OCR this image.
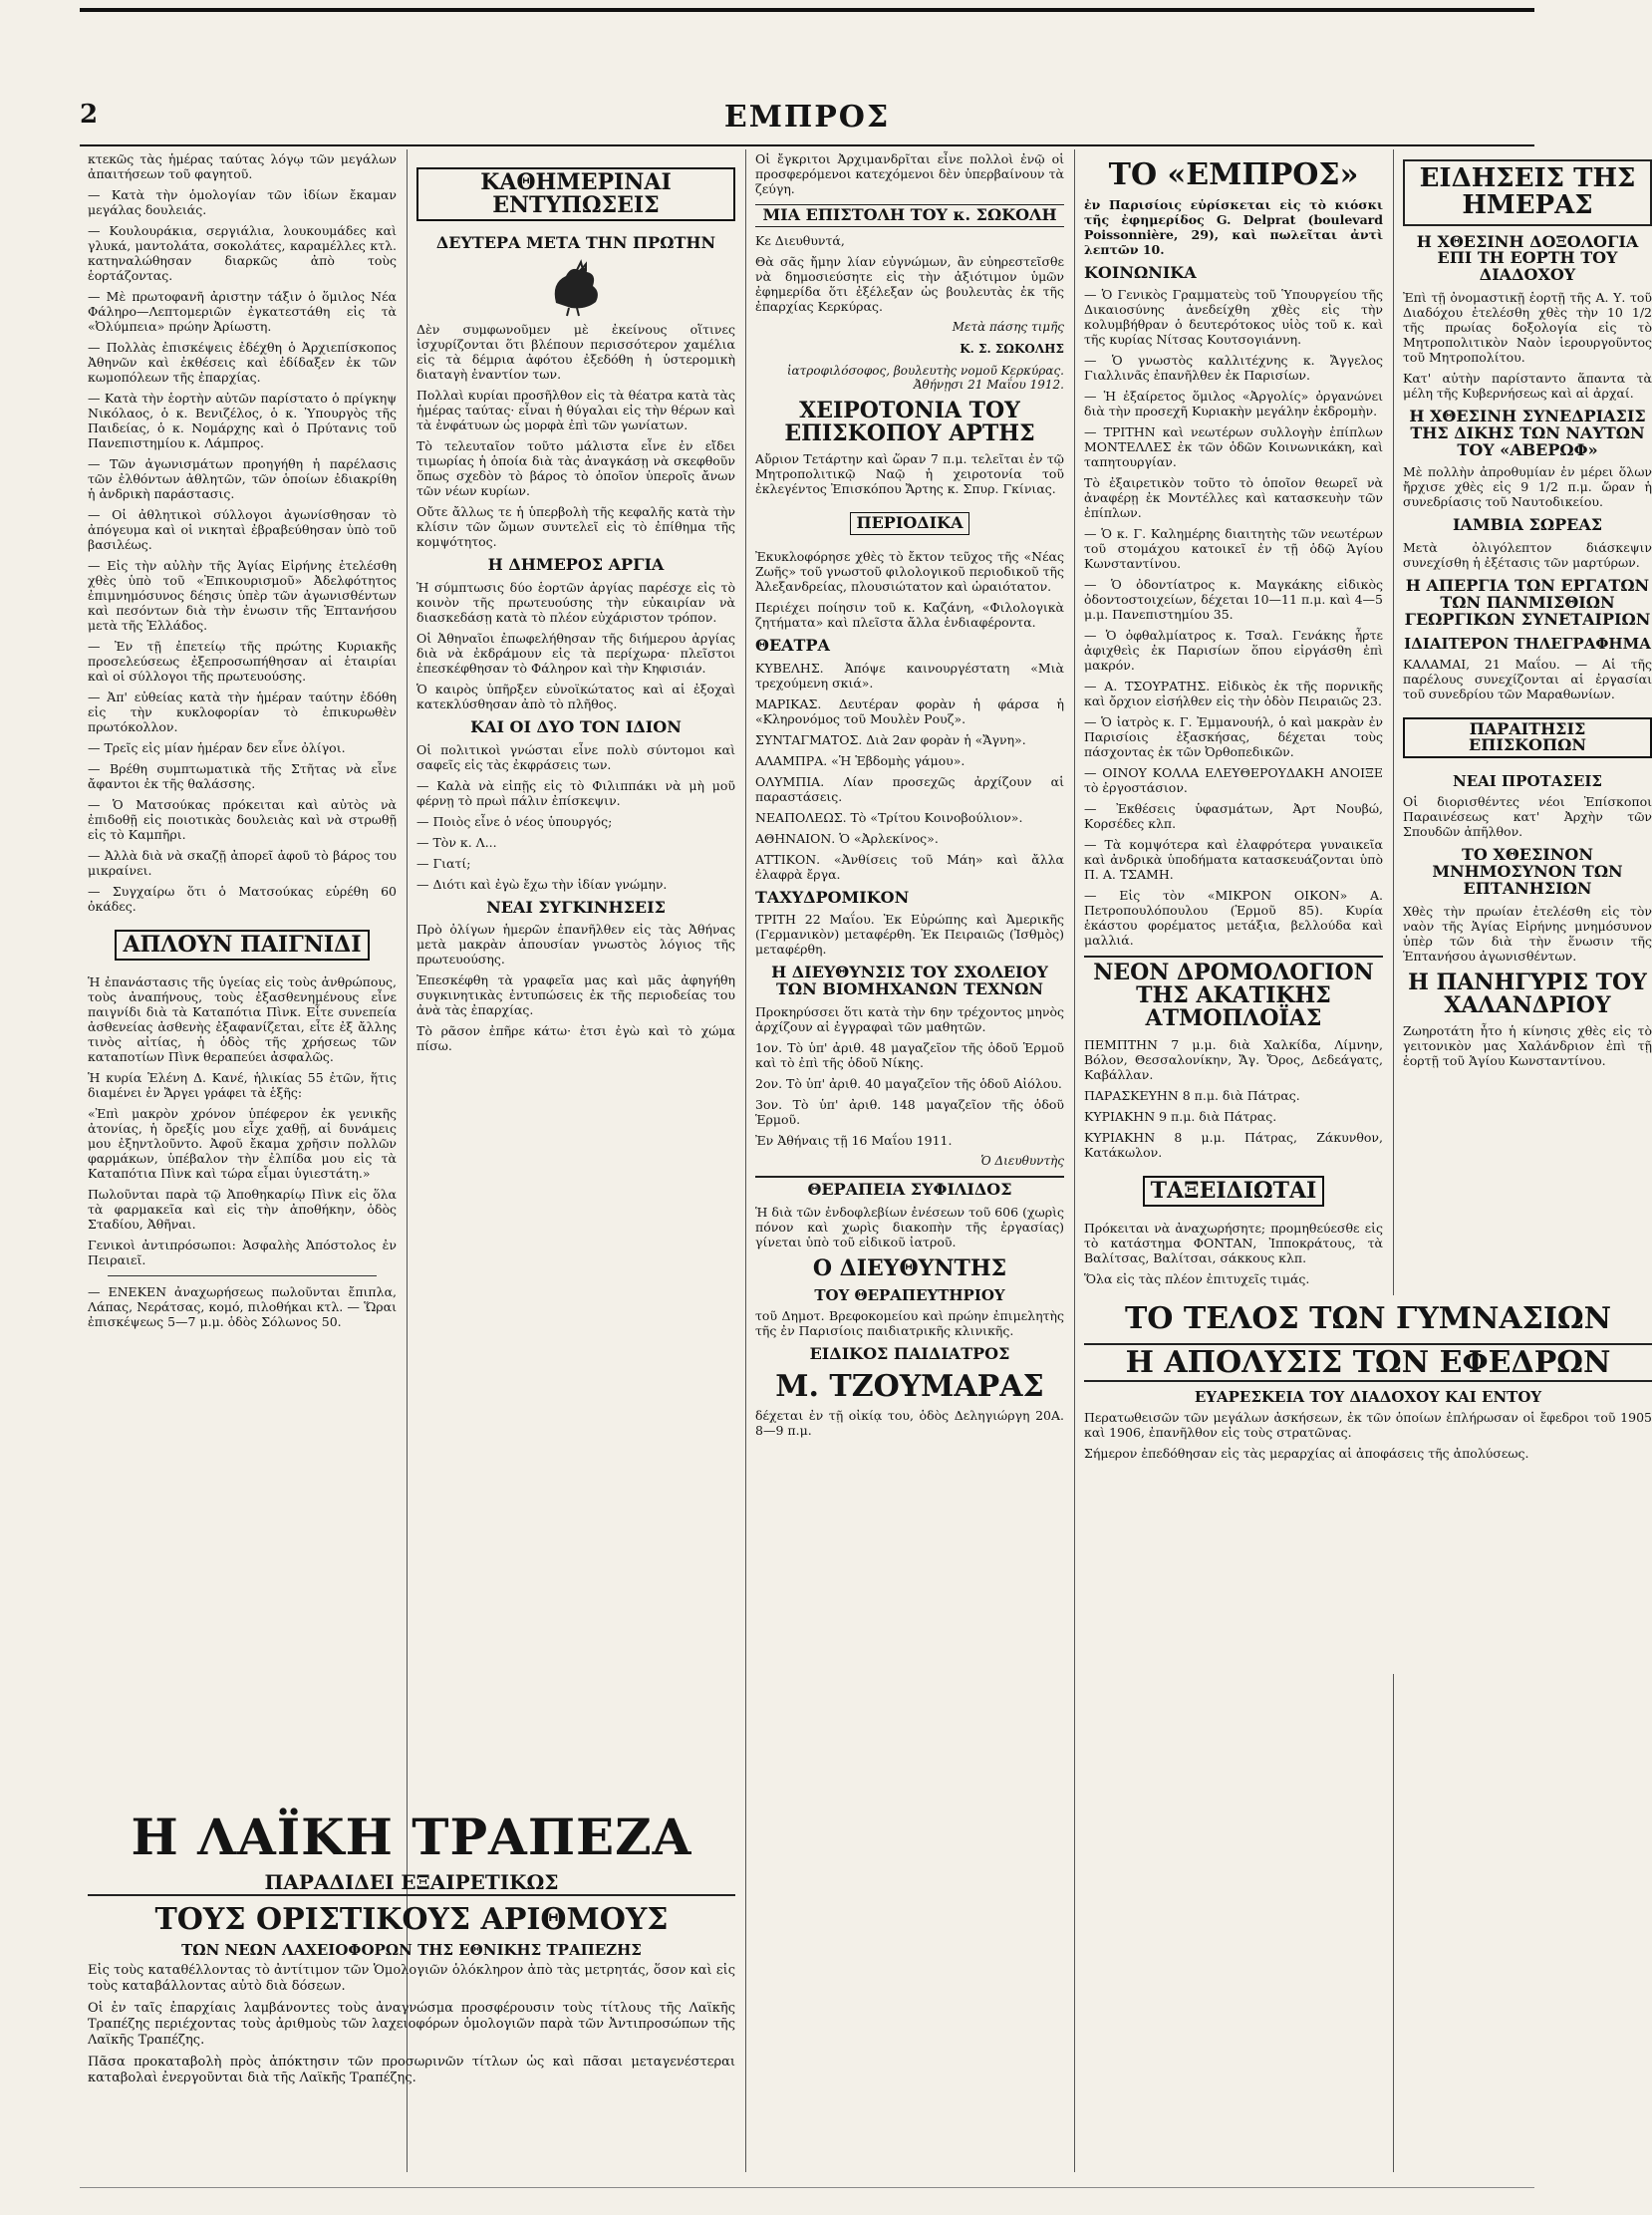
2	ΕΜΠΡΟΣ

κτεκῶς τὰς ἡμέρας ταύτας λόγῳ τῶν μεγάλων ἀπαιτήσεων τοῦ φαγητοῦ.

— Κατὰ τὴν ὁμολογίαν τῶν ἰδίων ἔκαμαν μεγάλας δουλειάς.

— Κουλουράκια, σεργιάλια, λουκουμάδες καὶ γλυκά, μαντολάτα, σοκολάτες, καραμέλλες κτλ. κατηναλώθησαν διαρκῶς ἀπὸ τοὺς ἑορτάζοντας.

— Μὲ πρωτοφανῆ ἀριστην τάξιν ὁ ὅμιλος Νέα Φάληρο—Λεπτομεριῶν ἐγκατεστάθη εἰς τὰ «Ὀλύμπεια» πρώην Ἀρίωστη.

— Πολλὰς ἐπισκέψεις ἐδέχθη ὁ Ἀρχιεπίσκοπος Ἀθηνῶν καὶ ἐκθέσεις καὶ ἐδίδαξεν ἐκ τῶν κωμοπόλεων τῆς ἐπαρχίας.

— Κατὰ τὴν ἑορτὴν αὐτῶν παρίστατο ὁ πρίγκηψ Νικόλαος, ὁ κ. Βενιζέλος, ὁ κ. Ὑπουργὸς τῆς Παιδείας, ὁ κ. Νομάρχης καὶ ὁ Πρύτανις τοῦ Πανεπιστημίου κ. Λάμπρος.

— Τῶν ἀγωνισμάτων προηγήθη ἡ παρέλασις τῶν ἐλθόντων ἀθλητῶν, τῶν ὁποίων ἐδιακρίθη ἡ ἀνδρικὴ παράστασις.

— Οἱ ἀθλητικοὶ σύλλογοι ἀγωνίσθησαν τὸ ἀπόγευμα καὶ οἱ νικηταὶ ἐβραβεύθησαν ὑπὸ τοῦ βασιλέως.

— Εἰς τὴν αὐλὴν τῆς Ἁγίας Εἰρήνης ἐτελέσθη χθὲς ὑπὸ τοῦ «Ἐπικουρισμοῦ» Ἀδελφότητος ἐπιμνημόσυνος δέησις ὑπὲρ τῶν ἀγωνισθέντων καὶ πεσόντων διὰ τὴν ἐνωσιν τῆς Ἑπτανήσου μετὰ τῆς Ἑλλάδος.

— Ἐν τῇ ἐπετείῳ τῆς πρώτης Κυριακῆς προσελεύσεως ἐξεπροσωπήθησαν αἱ ἑταιρίαι καὶ οἱ σύλλογοι τῆς πρωτευούσης.

— Ἀπ' εὐθείας κατὰ τὴν ἡμέραν ταύτην ἐδόθη εἰς τὴν κυκλοφορίαν τὸ ἐπικυρωθὲν πρωτόκολλον.

— Τρεῖς εἰς μίαν ἡμέραν δεν εἶνε ὀλίγοι.

— Βρέθη συμπτωματικὰ τῆς Στῆτας νὰ εἶνε ἄφαντοι ἐκ τῆς θαλάσσης.

— Ὁ Ματσούκας πρόκειται καὶ αὐτὸς νὰ ἐπιδοθῇ εἰς ποιοτικὰς δουλειὰς καὶ νὰ στρωθῇ εἰς τὸ Καμπῆρι.

— Ἀλλὰ διὰ νὰ σκαζῇ ἀπορεῖ ἀφοῦ τὸ βάρος του μικραίνει.

— Συγχαίρω ὅτι ὁ Ματσούκας εὑρέθη 60 ὀκάδες.

ΑΠΛΟΥΝ ΠΑΙΓΝΙΔΙ

Ἡ ἐπανάστασις τῆς ὑγείας εἰς τοὺς ἀνθρώπους, τοὺς ἀναπήνους, τοὺς ἐξασθενημένους εἶνε παιγνίδι διὰ τὰ Καταπότια Πὶνκ. Εἶτε συνεπεία ἀσθενείας ἀσθενὴς ἐξαφανίζεται, εἶτε ἐξ ἄλλης τινὸς αἰτίας, ἡ ὁδὸς τῆς χρήσεως τῶν καταποτίων Πὶνκ θεραπεύει ἀσφαλῶς.

Ἡ κυρία Ἑλένη Δ. Κανέ, ἡλικίας 55 ἐτῶν, ἥτις διαμένει ἐν Ἄργει γράφει τὰ ἑξῆς:

«Ἐπὶ μακρὸν χρόνον ὑπέφερον ἐκ γενικῆς ἀτονίας, ἡ ὄρεξίς μου εἶχε χαθῇ, αἱ δυνάμεις μου ἐξηντλοῦντο. Ἀφοῦ ἔκαμα χρῆσιν πολλῶν φαρμάκων, ὑπέβαλον τὴν ἐλπίδα μου εἰς τὰ Καταπότια Πὶνκ καὶ τώρα εἶμαι ὑγιεστάτη.»

Πωλοῦνται παρὰ τῷ Ἀποθηκαρίῳ Πὶνκ εἰς ὅλα τὰ φαρμακεῖα καὶ εἰς τὴν ἀποθήκην, ὁδὸς Σταδίου, Ἀθῆναι.

Γενικοὶ ἀντιπρόσωποι: Ἀσφαλὴς Ἀπόστολος ἐν Πειραιεῖ.

— ΕΝΕΚΕΝ ἀναχωρήσεως πωλοῦνται ἔπιπλα, Λάπας, Νεράτσας, κομό, πιλοθήκαι κτλ. — Ὥραι ἐπισκέψεως 5—7 μ.μ. ὁδὸς Σόλωνος 50.

ΚΑΘΗΜΕΡΙΝΑΙ ΕΝΤΥΠΩΣΕΙΣ
ΔΕΥΤΕΡΑ ΜΕΤΑ ΤΗΝ ΠΡΩΤΗΝ

Δὲν συμφωνοῦμεν μὲ ἐκείνους οἵτινες ἰσχυρίζονται ὅτι βλέπουν περισσότερον χαμέλια εἰς τὰ δέμρια ἀφότου ἐξεδόθη ἡ ὑστερομικὴ διαταγὴ ἐναντίον των.

Πολλαὶ κυρίαι προσῆλθον εἰς τὰ θέατρα κατὰ τὰς ἡμέρας ταύτας· εἶναι ἡ θύγαλαι εἰς τὴν θέρων καὶ τὰ ἐνφάτυων ὡς μορφὰ ἐπὶ τῶν γωνίατων.

Τὸ τελευταῖον τοῦτο μάλιστα εἶνε ἐν εἴδει τιμωρίας ἡ ὁποία διὰ τὰς ἀναγκάσῃ νὰ σκεφθοῦν ὅπως σχεδὸν τὸ βάρος τὸ ὁποῖον ὑπεροῖς ἄνων τῶν νέων κυρίων.

Οὔτε ἄλλως τε ἡ ὑπερβολὴ τῆς κεφαλῆς κατὰ τὴν κλίσιν τῶν ὤμων συντελεῖ εἰς τὸ ἐπίθημα τῆς κομψότητος.

Η ΔΗΜΕΡΟΣ ΑΡΓΙΑ

Ἡ σύμπτωσις δύο ἑορτῶν ἀργίας παρέσχε εἰς τὸ κοινὸν τῆς πρωτευούσης τὴν εὐκαιρίαν νὰ διασκεδάσῃ κατὰ τὸ πλέον εὐχάριστον τρόπον.

Οἱ Ἀθηναῖοι ἐπωφελήθησαν τῆς διήμερου ἀργίας διὰ νὰ ἐκδράμουν εἰς τὰ περίχωρα· πλεῖστοι ἐπεσκέφθησαν τὸ Φάληρον καὶ τὴν Κηφισιάν.

Ὁ καιρὸς ὑπῆρξεν εὐνοϊκώτατος καὶ αἱ ἐξοχαὶ κατεκλύσθησαν ἀπὸ τὸ πλῆθος.

ΚΑΙ ΟΙ ΔΥΟ ΤΟΝ ΙΔΙΟΝ

Οἱ πολιτικοὶ γνώσται εἶνε πολὺ σύντομοι καὶ σαφεῖς εἰς τὰς ἐκφράσεις των.

— Καλὰ νὰ εἰπῇς εἰς τὸ Φιλιππάκι νὰ μὴ μοῦ φέρνῃ τὸ πρωὶ πάλιν ἐπίσκεψιν.

— Ποιὸς εἶνε ὁ νέος ὑπουργός;

— Τὸν κ. Λ...

— Γιατί;

— Διότι καὶ ἐγὼ ἔχω τὴν ἰδίαν γνώμην.

ΝΕΑΙ ΣΥΓΚΙΝΗΣΕΙΣ

Πρὸ ὀλίγων ἡμερῶν ἐπανῆλθεν εἰς τὰς Ἀθήνας μετὰ μακρὰν ἀπουσίαν γνωστὸς λόγιος τῆς πρωτευούσης.

Ἐπεσκέφθη τὰ γραφεῖα μας καὶ μᾶς ἀφηγήθη συγκινητικὰς ἐντυπώσεις ἐκ τῆς περιοδείας του ἀνὰ τὰς ἐπαρχίας.

Τὸ ρᾶσον ἐπῆρε κάτω· ἐτσι ἐγὼ καὶ τὸ χώμα πίσω.

Οἱ ἔγκριτοι Ἀρχιμανδρῖται εἶνε πολλοὶ ἐνῷ οἱ προσφερόμενοι κατεχόμενοι δὲν ὑπερβαίνουν τὰ ζεύγη.

ΜΙΑ ΕΠΙΣΤΟΛΗ ΤΟΥ κ. ΣΩΚΟΛΗ

Κε Διευθυντά,

Θὰ σᾶς ἤμην λίαν εὐγνώμων, ἂν εὐηρεστεῖσθε νὰ δημοσιεύσητε εἰς τὴν ἀξιότιμον ὑμῶν ἐφημερίδα ὅτι ἐξέλεξαν ὡς βουλευτὰς ἐκ τῆς ἐπαρχίας Κερκύρας.

Μετὰ πάσης τιμῆς
Κ. Σ. ΣΩΚΟΛΗΣ
ἰατροφιλόσοφος, βουλευτὴς νομοῦ Κερκύρας. Ἀθήνῃσι 21 Μαΐου 1912.
ΧΕΙΡΟΤΟΝΙΑ ΤΟΥ ΕΠΙΣΚΟΠΟΥ ΑΡΤΗΣ

Αὔριον Τετάρτην καὶ ὥραν 7 π.μ. τελεῖται ἐν τῷ Μητροπολιτικῷ Ναῷ ἡ χειροτονία τοῦ ἐκλεγέντος Ἐπισκόπου Ἄρτης κ. Σπυρ. Γκίνιας.

ΠΕΡΙΟΔΙΚΑ

Ἐκυκλοφόρησε χθὲς τὸ ἔκτον τεῦχος τῆς «Νέας Ζωῆς» τοῦ γνωστοῦ φιλολογικοῦ περιοδικοῦ τῆς Ἀλεξανδρείας, πλουσιώτατον καὶ ὡραιότατον.

Περιέχει ποίησιν τοῦ κ. Καζάνη, «Φιλολογικὰ ζητήματα» καὶ πλεῖστα ἄλλα ἐνδιαφέροντα.

ΘΕΑΤΡΑ

ΚΥΒΕΛΗΣ. Ἀπόψε καινουργέστατη «Μιὰ τρεχούμενη σκιά».

ΜΑΡΙΚΑΣ. Δευτέραν φορὰν ἡ φάρσα ἡ «Κληρονόμος τοῦ Μουλὲν Ρουζ».

ΣΥΝΤΑΓΜΑΤΟΣ. Διὰ 2αν φορὰν ἡ «Ἄγνη».

ΑΛΑΜΠΡΑ. «Ἡ Ἑβδομὴς γάμου».

ΟΛΥΜΠΙΑ. Λίαν προσεχῶς ἀρχίζουν αἱ παραστάσεις.

ΝΕΑΠΟΛΕΩΣ. Τὸ «Τρίτου Κοινοβούλιον».

ΑΘΗΝΑΙΟΝ. Ὁ «Ἀρλεκίνος».

ΑΤΤΙΚΟΝ. «Ἀνθίσεις τοῦ Μάη» καὶ ἄλλα ἐλαφρὰ ἔργα.

ΤΑΧΥΔΡΟΜΙΚΟΝ

ΤΡΙΤΗ 22 Μαΐου. Ἐκ Εὐρώπης καὶ Ἀμερικῆς (Γερμανικὸν) μεταφέρθη. Ἐκ Πειραιῶς (Ἰσθμὸς) μεταφέρθη.

Η ΔΙΕΥΘΥΝΣΙΣ ΤΟΥ ΣΧΟΛΕΙΟΥ ΤΩΝ ΒΙΟΜΗΧΑΝΩΝ ΤΕΧΝΩΝ

Προκηρύσσει ὅτι κατὰ τὴν 6ην τρέχοντος μηνὸς ἀρχίζουν αἱ ἐγγραφαὶ τῶν μαθητῶν.

1ον. Τὸ ὑπ' ἀριθ. 48 μαγαζεῖον τῆς ὁδοῦ Ἑρμοῦ καὶ τὸ ἐπὶ τῆς ὁδοῦ Νίκης.

2ον. Τὸ ὑπ' ἀριθ. 40 μαγαζεῖον τῆς ὁδοῦ Αἰόλου.

3ον. Τὸ ὑπ' ἀριθ. 148 μαγαζεῖον τῆς ὁδοῦ Ἑρμοῦ.

Ἐν Ἀθήναις τῇ 16 Μαΐου 1911.

Ὁ Διευθυντὴς
ΘΕΡΑΠΕΙΑ ΣΥΦΙΛΙΔΟΣ

Ἡ διὰ τῶν ἐνδοφλεβίων ἐνέσεων τοῦ 606 (χωρὶς πόνον καὶ χωρὶς διακοπὴν τῆς ἐργασίας) γίνεται ὑπὸ τοῦ εἰδικοῦ ἰατροῦ.

Ο ΔΙΕΥΘΥΝΤΗΣ
ΤΟΥ ΘΕΡΑΠΕΥΤΗΡΙΟΥ

τοῦ Δημοτ. Βρεφοκομείου καὶ πρώην ἐπιμελητὴς τῆς ἐν Παρισίοις παιδιατρικῆς κλινικῆς.

ΕΙΔΙΚΟΣ ΠΑΙΔΙΑΤΡΟΣ
Μ. ΤΖΟΥΜΑΡΑΣ

δέχεται ἐν τῇ οἰκίᾳ του, ὁδὸς Δεληγιώργη 20Α. 8—9 π.μ.

ΤΟ «ΕΜΠΡΟΣ»

ἐν Παρισίοις εὑρίσκεται εἰς τὸ κιόσκι τῆς ἐφημερίδος G. Delprat (boulevard Poissonnière, 29), καὶ πωλεῖται ἀντὶ λεπτῶν 10.

ΚΟΙΝΩΝΙΚΑ

— Ὁ Γενικὸς Γραμματεὺς τοῦ Ὑπουργείου τῆς Δικαιοσύνης ἀνεδείχθη χθὲς εἰς τὴν κολυμβήθραν ὁ δευτερότοκος υἱὸς τοῦ κ. καὶ τῆς κυρίας Νίτσας Κουτσογιάννη.

— Ὁ γνωστὸς καλλιτέχνης κ. Ἄγγελος Γιαλλινᾶς ἐπανῆλθεν ἐκ Παρισίων.

— Ἡ ἐξαίρετος ὅμιλος «Ἀργολίς» ὀργανώνει διὰ τὴν προσεχῆ Κυριακὴν μεγάλην ἐκδρομὴν.

— ΤΡΙΤΗΝ καὶ νεωτέρων συλλογὴν ἐπίπλων ΜΟΝΤΕΛΛΕΣ ἐκ τῶν ὁδῶν Κοινωνικάκη, καὶ ταπητουργίαν.

Τὸ ἐξαιρετικὸν τοῦτο τὸ ὁποῖον θεωρεῖ νὰ ἀναφέρῃ ἐκ Μοντέλλες καὶ κατασκευὴν τῶν ἐπίπλων.

— Ὁ κ. Γ. Καλημέρης διαιτητὴς τῶν νεωτέρων τοῦ στομάχου κατοικεῖ ἐν τῇ ὁδῷ Ἁγίου Κωνσταντίνου.

— Ὁ ὀδοντίατρος κ. Μαγκάκης εἰδικὸς ὀδοντοστοιχείων, δέχεται 10—11 π.μ. καὶ 4—5 μ.μ. Πανεπιστημίου 35.

— Ὁ ὀφθαλμίατρος κ. Τσαλ. Γενάκης ἦρτε ἀφιχθεὶς ἐκ Παρισίων ὅπου εἰργάσθη ἐπὶ μακρόν.

— Α. ΤΣΟΥΡΑΤΗΣ. Εἰδικὸς ἐκ τῆς πορνικῆς καὶ ὄρχιον εἰσήλθεν εἰς τὴν ὁδὸν Πειραιῶς 23.

— Ὁ ἰατρὸς κ. Γ. Ἐμμανουήλ, ὁ καὶ μακρὰν ἐν Παρισίοις ἐξασκήσας, δέχεται τοὺς πάσχοντας ἐκ τῶν Ὀρθοπεδικῶν.

— ΟΙΝΟΥ ΚΟΛΛΑ ΕΛΕΥΘΕΡΟΥΔΑΚΗ ΑΝΟΙΞΕ τὸ ἐργοστάσιον.

— Ἐκθέσεις ὑφασμάτων, Ἀρτ Νουβώ, Κορσέδες κλπ.

— Τὰ κομψότερα καὶ ἐλαφρότερα γυναικεῖα καὶ ἀνδρικὰ ὑποδήματα κατασκευάζονται ὑπὸ Π. Α. ΤΣΑΜΗ.

— Εἰς τὸν «ΜΙΚΡΟΝ ΟΙΚΟΝ» Α. Πετροπουλόπουλου (Ἑρμοῦ 85). Κυρία ἑκάστου φορέματος μετάξια, βελλούδα καὶ μαλλιά.

ΝΕΟΝ ΔΡΟΜΟΛΟΓΙΟΝ ΤΗΣ ΑΚΑΤΙΚΗΣ ΑΤΜΟΠΛΟΪΑΣ

ΠΕΜΠΤΗΝ 7 μ.μ. διὰ Χαλκίδα, Λίμνην, Βόλον, Θεσσαλονίκην, Ἄγ. Ὄρος, Δεδεάγατς, Καβάλλαν.

ΠΑΡΑΣΚΕΥΗΝ 8 π.μ. διὰ Πάτρας.

ΚΥΡΙΑΚΗΝ 9 π.μ. διὰ Πάτρας.

ΚΥΡΙΑΚΗΝ 8 μ.μ. Πάτρας, Ζάκυνθον, Κατάκωλον.

ΤΑΞΕΙΔΙΩΤΑΙ

Πρόκειται νὰ ἀναχωρήσητε; προμηθεύεσθε εἰς τὸ κατάστημα ΦΟΝΤΑΝ, Ἰπποκράτους, τὰ Βαλίτσας, Βαλίτσαι, σάκκους κλπ.

Ὅλα εἰς τὰς πλέον ἐπιτυχεῖς τιμάς.

ΕΙΔΗΣΕΙΣ ΤΗΣ ΗΜΕΡΑΣ
Η ΧΘΕΣΙΝΗ ΔΟΞΟΛΟΓΙΑ ΕΠΙ ΤΗ ΕΟΡΤΗ ΤΟΥ ΔΙΑΔΟΧΟΥ

Ἐπὶ τῇ ὀνομαστικῇ ἑορτῇ τῆς Α. Υ. τοῦ Διαδόχου ἐτελέσθη χθὲς τὴν 10 1/2 τῆς πρωίας δοξολογία εἰς τὸ Μητροπολιτικὸν Ναὸν ἱερουργοῦντος τοῦ Μητροπολίτου.

Κατ' αὐτὴν παρίσταντο ἅπαντα τὰ μέλη τῆς Κυβερνήσεως καὶ αἱ ἀρχαί.

Η ΧΘΕΣΙΝΗ ΣΥΝΕΔΡΙΑΣΙΣ ΤΗΣ ΔΙΚΗΣ ΤΩΝ ΝΑΥΤΩΝ ΤΟΥ «ΑΒΕΡΩΦ»

Μὲ πολλὴν ἀπροθυμίαν ἐν μέρει ὅλων ἤρχισε χθὲς εἰς 9 1/2 π.μ. ὥραν ἡ συνεδρίασις τοῦ Ναυτοδικείου.

ΙΑΜΒΙΑ ΣΩΡΕΑΣ

Μετὰ ὀλιγόλεπτον διάσκεψιν συνεχίσθη ἡ ἐξέτασις τῶν μαρτύρων.

Η ΑΠΕΡΓΙΑ ΤΩΝ ΕΡΓΑΤΩΝ ΤΩΝ ΠΑΝΜΙΣΘΙΩΝ ΓΕΩΡΓΙΚΩΝ ΣΥΝΕΤΑΙΡΙΩΝ
ΙΔΙΑΙΤΕΡΟΝ ΤΗΛΕΓΡΑΦΗΜΑ

ΚΑΛΑΜΑΙ, 21 Μαΐου. — Αἱ τῆς παρέλους συνεχίζονται αἱ ἐργασίαι τοῦ συνεδρίου τῶν Μαραθωνίων.

ΠΑΡΑΙΤΗΣΙΣ ΕΠΙΣΚΟΠΩΝ
ΝΕΑΙ ΠΡΟΤΑΣΕΙΣ

Οἱ διορισθέντες νέοι Ἐπίσκοποι Παραινέσεως κατ' Ἀρχὴν τῶν Σπουδῶν ἀπῆλθον.

ΤΟ ΧΘΕΣΙΝΟΝ ΜΝΗΜΟΣΥΝΟΝ ΤΩΝ ΕΠΤΑΝΗΣΙΩΝ

Χθὲς τὴν πρωίαν ἐτελέσθη εἰς τὸν ναὸν τῆς Ἁγίας Εἰρήνης μνημόσυνον ὑπὲρ τῶν διὰ τὴν ἕνωσιν τῆς Ἑπτανήσου ἀγωνισθέντων.

Η ΠΑΝΗΓΥΡΙΣ ΤΟΥ ΧΑΛΑΝΔΡΙΟΥ

Ζωηροτάτη ἦτο ἡ κίνησις χθὲς εἰς τὸ γειτονικὸν μας Χαλάνδριον ἐπὶ τῇ ἑορτῇ τοῦ Ἁγίου Κωνσταντίνου.

ΤΟ ΤΕΛΟΣ ΤΩΝ ΓΥΜΝΑΣΙΩΝ
Η ΑΠΟΛΥΣΙΣ ΤΩΝ ΕΦΕΔΡΩΝ
ΕΥΑΡΕΣΚΕΙΑ ΤΟΥ ΔΙΑΔΟΧΟΥ ΚΑΙ ΕΝΤΟΥ

Περατωθεισῶν τῶν μεγάλων ἀσκήσεων, ἐκ τῶν ὁποίων ἐπλήρωσαν οἱ ἔφεδροι τοῦ 1905 καὶ 1906, ἐπανῆλθον εἰς τοὺς στρατῶνας.

Σήμερον ἐπεδόθησαν εἰς τὰς μεραρχίας αἱ ἀποφάσεις τῆς ἀπολύσεως.

Η ΛΑΪΚΗ ΤΡΑΠΕΖΑ
ΠΑΡΑΔΙΔΕΙ ΕΞΑΙΡΕΤΙΚΩΣ
ΤΟΥΣ ΟΡΙΣΤΙΚΟΥΣ ΑΡΙΘΜΟΥΣ
ΤΩΝ ΝΕΩΝ ΛΑΧΕΙΟΦΟΡΩΝ ΤΗΣ ΕΘΝΙΚΗΣ ΤΡΑΠΕΖΗΣ

Εἰς τοὺς καταθέλλοντας τὸ ἀντίτιμον τῶν Ὁμολογιῶν ὁλόκληρον ἀπὸ τὰς μετρητάς, ὅσον καὶ εἰς τοὺς καταβάλλοντας αὐτὸ διὰ δόσεων.

Οἱ ἐν ταῖς ἐπαρχίαις λαμβάνοντες τοὺς ἀναγνώσμα προσφέρουσιν τοὺς τίτλους τῆς Λαϊκῆς Τραπέζης περιέχοντας τοὺς ἀριθμοὺς τῶν λαχειοφόρων ὁμολογιῶν παρὰ τῶν Ἀντιπροσώπων τῆς Λαϊκῆς Τραπέζης.

Πᾶσα προκαταβολὴ πρὸς ἀπόκτησιν τῶν προσωρινῶν τίτλων ὡς καὶ πᾶσαι μεταγενέστεραι καταβολαὶ ἐνεργοῦνται διὰ τῆς Λαϊκῆς Τραπέζης.
